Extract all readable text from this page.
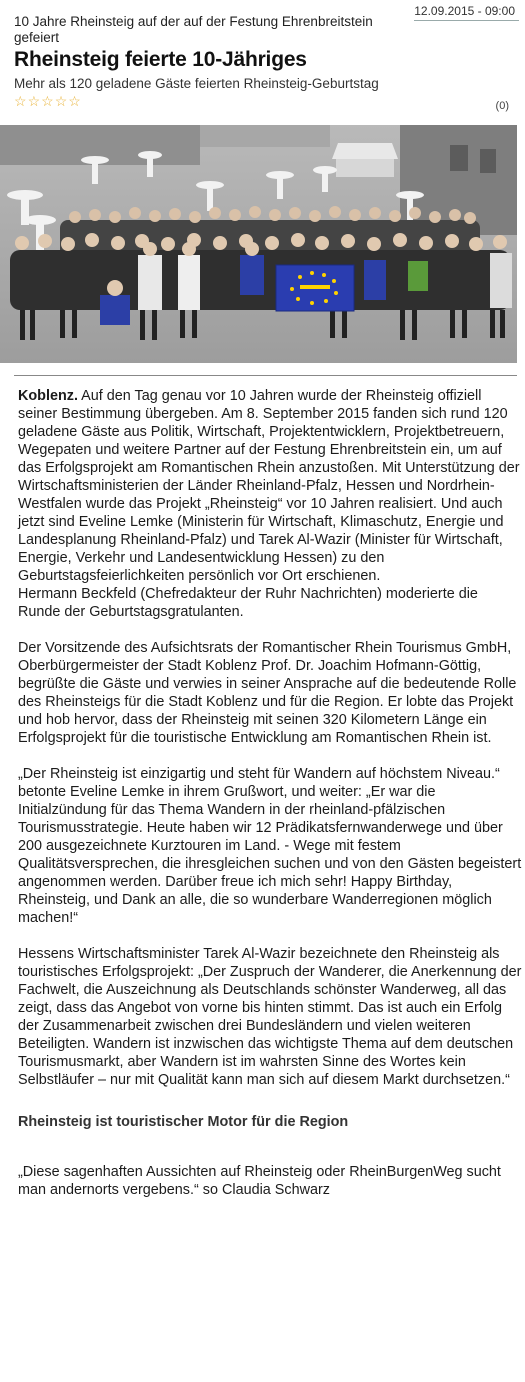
12.09.2015 - 09:00
10 Jahre Rheinsteig auf der auf der Festung Ehrenbreitstein gefeiert
Rheinsteig feierte 10-Jähriges
Mehr als 120 geladene Gäste feierten Rheinsteig-Geburtstag
☆ ☆ ☆ ☆ ☆	(0)

Koblenz. Auf den Tag genau vor 10 Jahren wurde der Rheinsteig offiziell seiner Bestimmung übergeben. Am 8. September 2015 fanden sich rund 120 geladene Gäste aus Politik, Wirtschaft, Projektentwicklern, Projektbetreuern, Wegepaten und weitere Partner auf der Festung Ehrenbreitstein ein, um auf das Erfolgsprojekt am Romantischen Rhein anzustoßen. Mit Unterstützung der Wirtschaftsministerien der Länder Rheinland-Pfalz, Hessen und Nordrhein-Westfalen wurde das Projekt „Rheinsteig“ vor 10 Jahren realisiert. Und auch jetzt sind Eveline Lemke (Ministerin für Wirtschaft, Klimaschutz, Energie und Landesplanung Rheinland-Pfalz) und Tarek Al-Wazir (Minister für Wirtschaft, Energie, Verkehr und Landesentwicklung Hessen) zu den Geburtstagsfeierlichkeiten persönlich vor Ort erschienen.

Hermann Beckfeld (Chefredakteur der Ruhr Nachrichten) moderierte die Runde der Geburtstagsgratulanten.

Der Vorsitzende des Aufsichtsrats der Romantischer Rhein Tourismus GmbH, Oberbürgermeister der Stadt Koblenz Prof. Dr. Joachim Hofmann-Göttig, begrüßte die Gäste und verwies in seiner Ansprache auf die bedeutende Rolle des Rheinsteigs für die Stadt Koblenz und für die Region. Er lobte das Projekt und hob hervor, dass der Rheinsteig mit seinen 320 Kilometern Länge ein Erfolgsprojekt für die touristische Entwicklung am Romantischen Rhein ist.

„Der Rheinsteig ist einzigartig und steht für Wandern auf höchstem Niveau.“ betonte Eveline Lemke in ihrem Grußwort, und weiter: „Er war die Initialzündung für das Thema Wandern in der rheinland-pfälzischen Tourismusstrategie. Heute haben wir 12 Prädikatsfernwanderwege und über 200 ausgezeichnete Kurztouren im Land. - Wege mit festem Qualitätsversprechen, die ihresgleichen suchen und von den Gästen begeistert angenommen werden. Darüber freue ich mich sehr! Happy Birthday, Rheinsteig, und Dank an alle, die so wunderbare Wanderregionen möglich machen!“

Hessens Wirtschaftsminister Tarek Al-Wazir bezeichnete den Rheinsteig als touristisches Erfolgsprojekt: „Der Zuspruch der Wanderer, die Anerkennung der Fachwelt, die Auszeichnung als Deutschlands schönster Wanderweg, all das zeigt, dass das Angebot von vorne bis hinten stimmt. Das ist auch ein Erfolg der Zusammenarbeit zwischen drei Bundesländern und vielen weiteren Beteiligten. Wandern ist inzwischen das wichtigste Thema auf dem deutschen Tourismusmarkt, aber Wandern ist im wahrsten Sinne des Wortes kein Selbstläufer – nur mit Qualität kann man sich auf diesem Markt durchsetzen.“

Rheinsteig ist touristischer Motor für die Region

„Diese sagenhaften Aussichten auf Rheinsteig oder RheinBurgenWeg sucht man andernorts vergebens.“ so Claudia Schwarz
